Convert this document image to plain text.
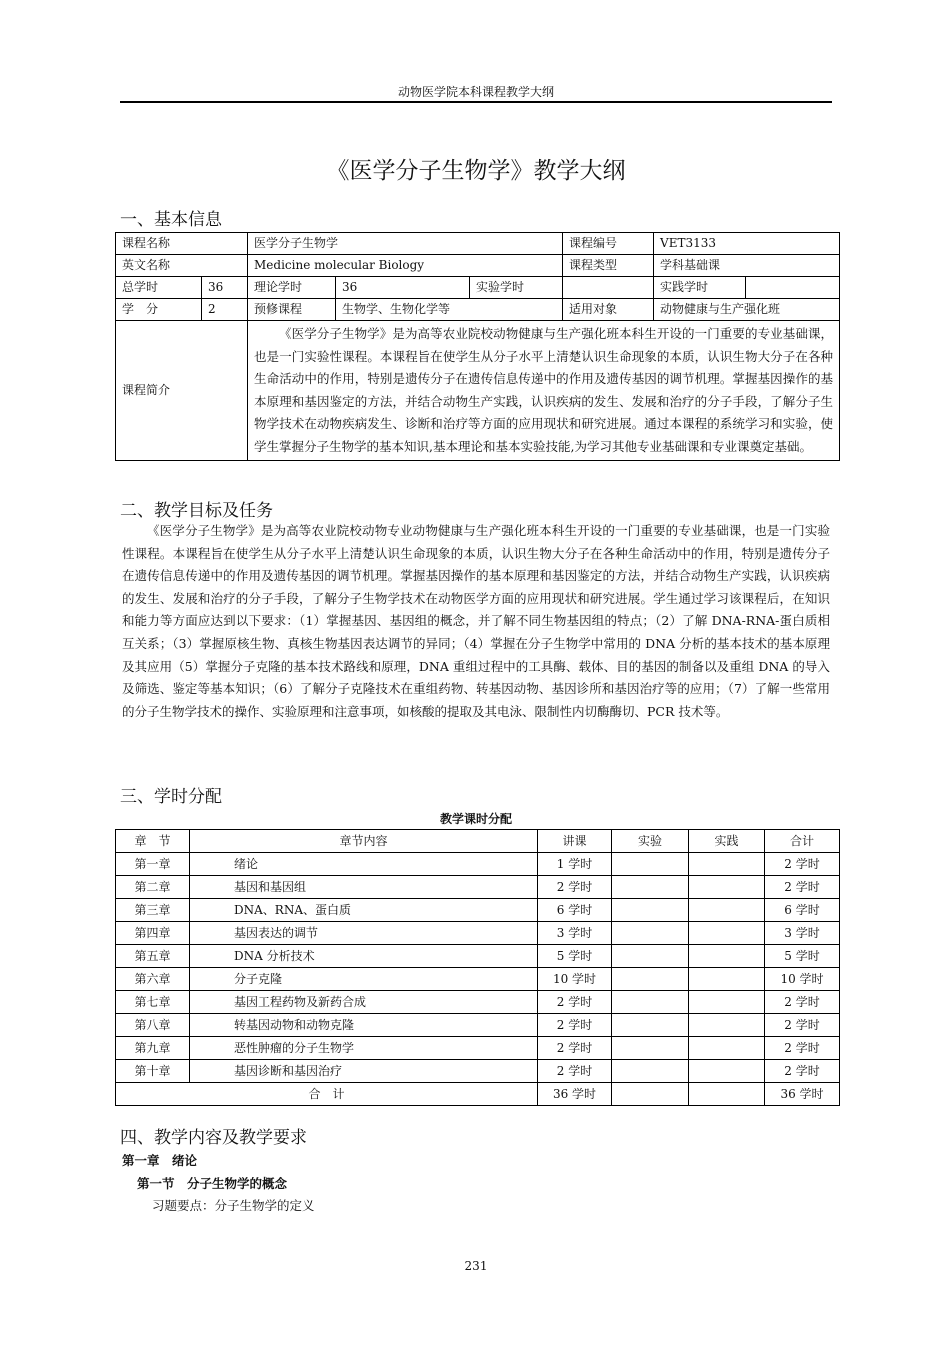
动物医学院本科课程教学大纲
《医学分子生物学》教学大纲
一、基本信息
课程名称		医学分子生物学			课程编号	VET3133	
英文名称		Medicine molecular Biology			课程类型	学科基础课	
总学时	36	理论学时	36	实验学时		实践学时	
学　分	2	预修课程	生物学、生物化学等		适用对象	动物健康与生产强化班	
课程简介		《医学分子生物学》是为高等农业院校动物健康与生产强化班本科生开设的一门重要的专业基础课，也是一门实验性课程。本课程旨在使学生从分子水平上清楚认识生命现象的本质，认识生物大分子在各种生命活动中的作用，特别是遗传分子在遗传信息传递中的作用及遗传基因的调节机理。掌握基因操作的基本原理和基因鉴定的方法，并结合动物生产实践，认识疾病的发生、发展和治疗的分子手段，了解分子生物学技术在动物疾病发生、诊断和治疗等方面的应用现状和研究进展。通过本课程的系统学习和实验，使学生掌握分子生物学的基本知识,基本理论和基本实验技能,为学习其他专业基础课和专业课奠定基础。					
二、教学目标及任务
《医学分子生物学》是为高等农业院校动物专业动物健康与生产强化班本科生开设的一门重要的专业基础课，也是一门实验性课程。本课程旨在使学生从分子水平上清楚认识生命现象的本质，认识生物大分子在各种生命活动中的作用，特别是遗传分子在遗传信息传递中的作用及遗传基因的调节机理。掌握基因操作的基本原理和基因鉴定的方法，并结合动物生产实践，认识疾病的发生、发展和治疗的分子手段，了解分子生物学技术在动物医学方面的应用现状和研究进展。学生通过学习该课程后，在知识和能力等方面应达到以下要求：（1）掌握基因、基因组的概念，并了解不同生物基因组的特点；（2）了解 DNA-RNA-蛋白质相互关系；（3）掌握原核生物、真核生物基因表达调节的异同；（4）掌握在分子生物学中常用的 DNA 分析的基本技术的基本原理及其应用（5）掌握分子克隆的基本技术路线和原理，DNA 重组过程中的工具酶、载体、目的基因的制备以及重组 DNA 的导入及筛选、鉴定等基本知识；（6）了解分子克隆技术在重组药物、转基因动物、基因诊所和基因治疗等的应用；（7）了解一些常用的分子生物学技术的操作、实验原理和注意事项，如核酸的提取及其电泳、限制性内切酶酶切、PCR 技术等。
三、学时分配
教学课时分配
章　节	章节内容	讲课	实验	实践	合计
第一章	绪论	1 学时			2 学时
第二章	基因和基因组	2 学时			2 学时
第三章	DNA、RNA、蛋白质	6 学时			6 学时
第四章	基因表达的调节	3 学时			3 学时
第五章	DNA 分析技术	5 学时			5 学时
第六章	分子克隆	10 学时			10 学时
第七章	基因工程药物及新药合成	2 学时			2 学时
第八章	转基因动物和动物克隆	2 学时			2 学时
第九章	恶性肿瘤的分子生物学	2 学时			2 学时
第十章	基因诊断和基因治疗	2 学时			2 学时
合　计		36 学时			36 学时
四、教学内容及教学要求
第一章　绪论
第一节　分子生物学的概念
习题要点：分子生物学的定义
231
